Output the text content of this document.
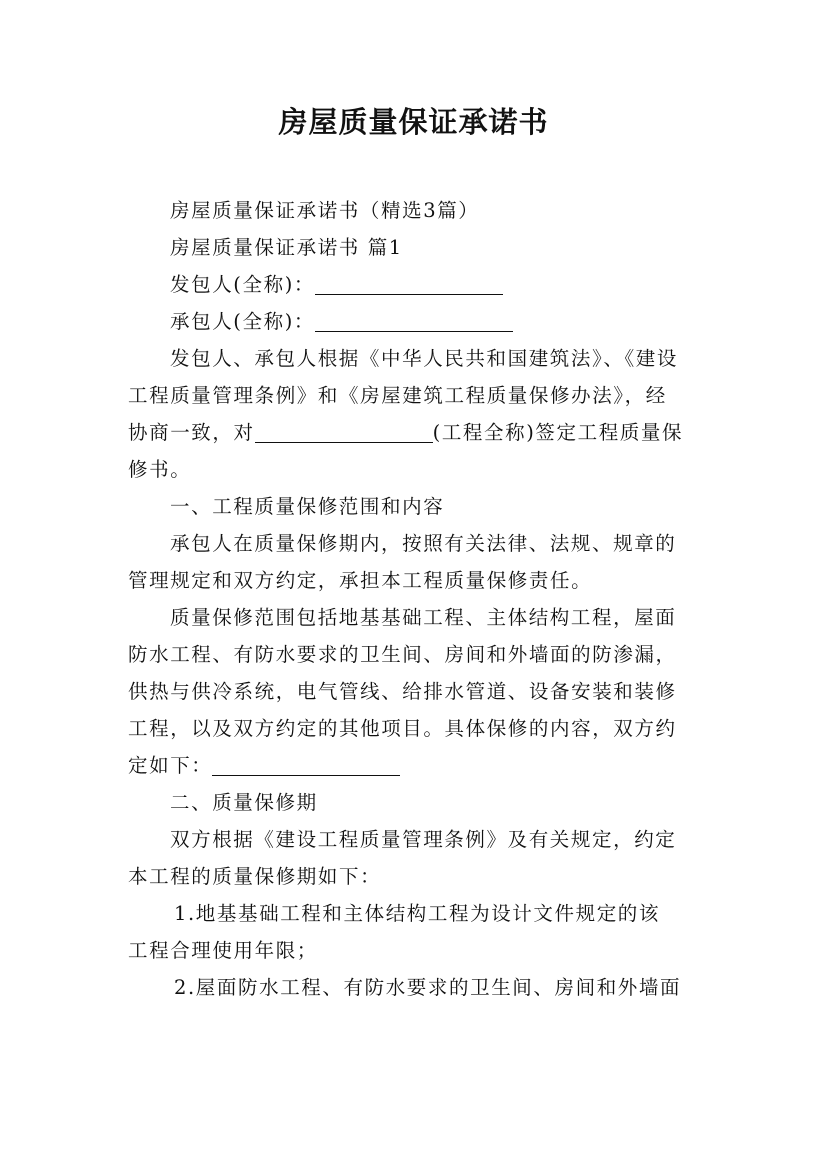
房屋质量保证承诺书
房屋质量保证承诺书（精选3篇）
房屋质量保证承诺书 篇1
发包人(全称)：
承包人(全称)：
发包人、承包人根据《中华人民共和国建筑法》、《建设
工程质量管理条例》和《房屋建筑工程质量保修办法》，经
协商一致，对	(工程全称)签定工程质量保
修书。
一、工程质量保修范围和内容
承包人在质量保修期内，按照有关法律、法规、规章的
管理规定和双方约定，承担本工程质量保修责任。
质量保修范围包括地基基础工程、主体结构工程，屋面
防水工程、有防水要求的卫生间、房间和外墙面的防渗漏，
供热与供冷系统，电气管线、给排水管道、设备安装和装修
工程，以及双方约定的其他项目。具体保修的内容，双方约
定如下：
二、质量保修期
双方根据《建设工程质量管理条例》及有关规定，约定
本工程的质量保修期如下：
1.地基基础工程和主体结构工程为设计文件规定的该
工程合理使用年限；
2.屋面防水工程、有防水要求的卫生间、房间和外墙面
